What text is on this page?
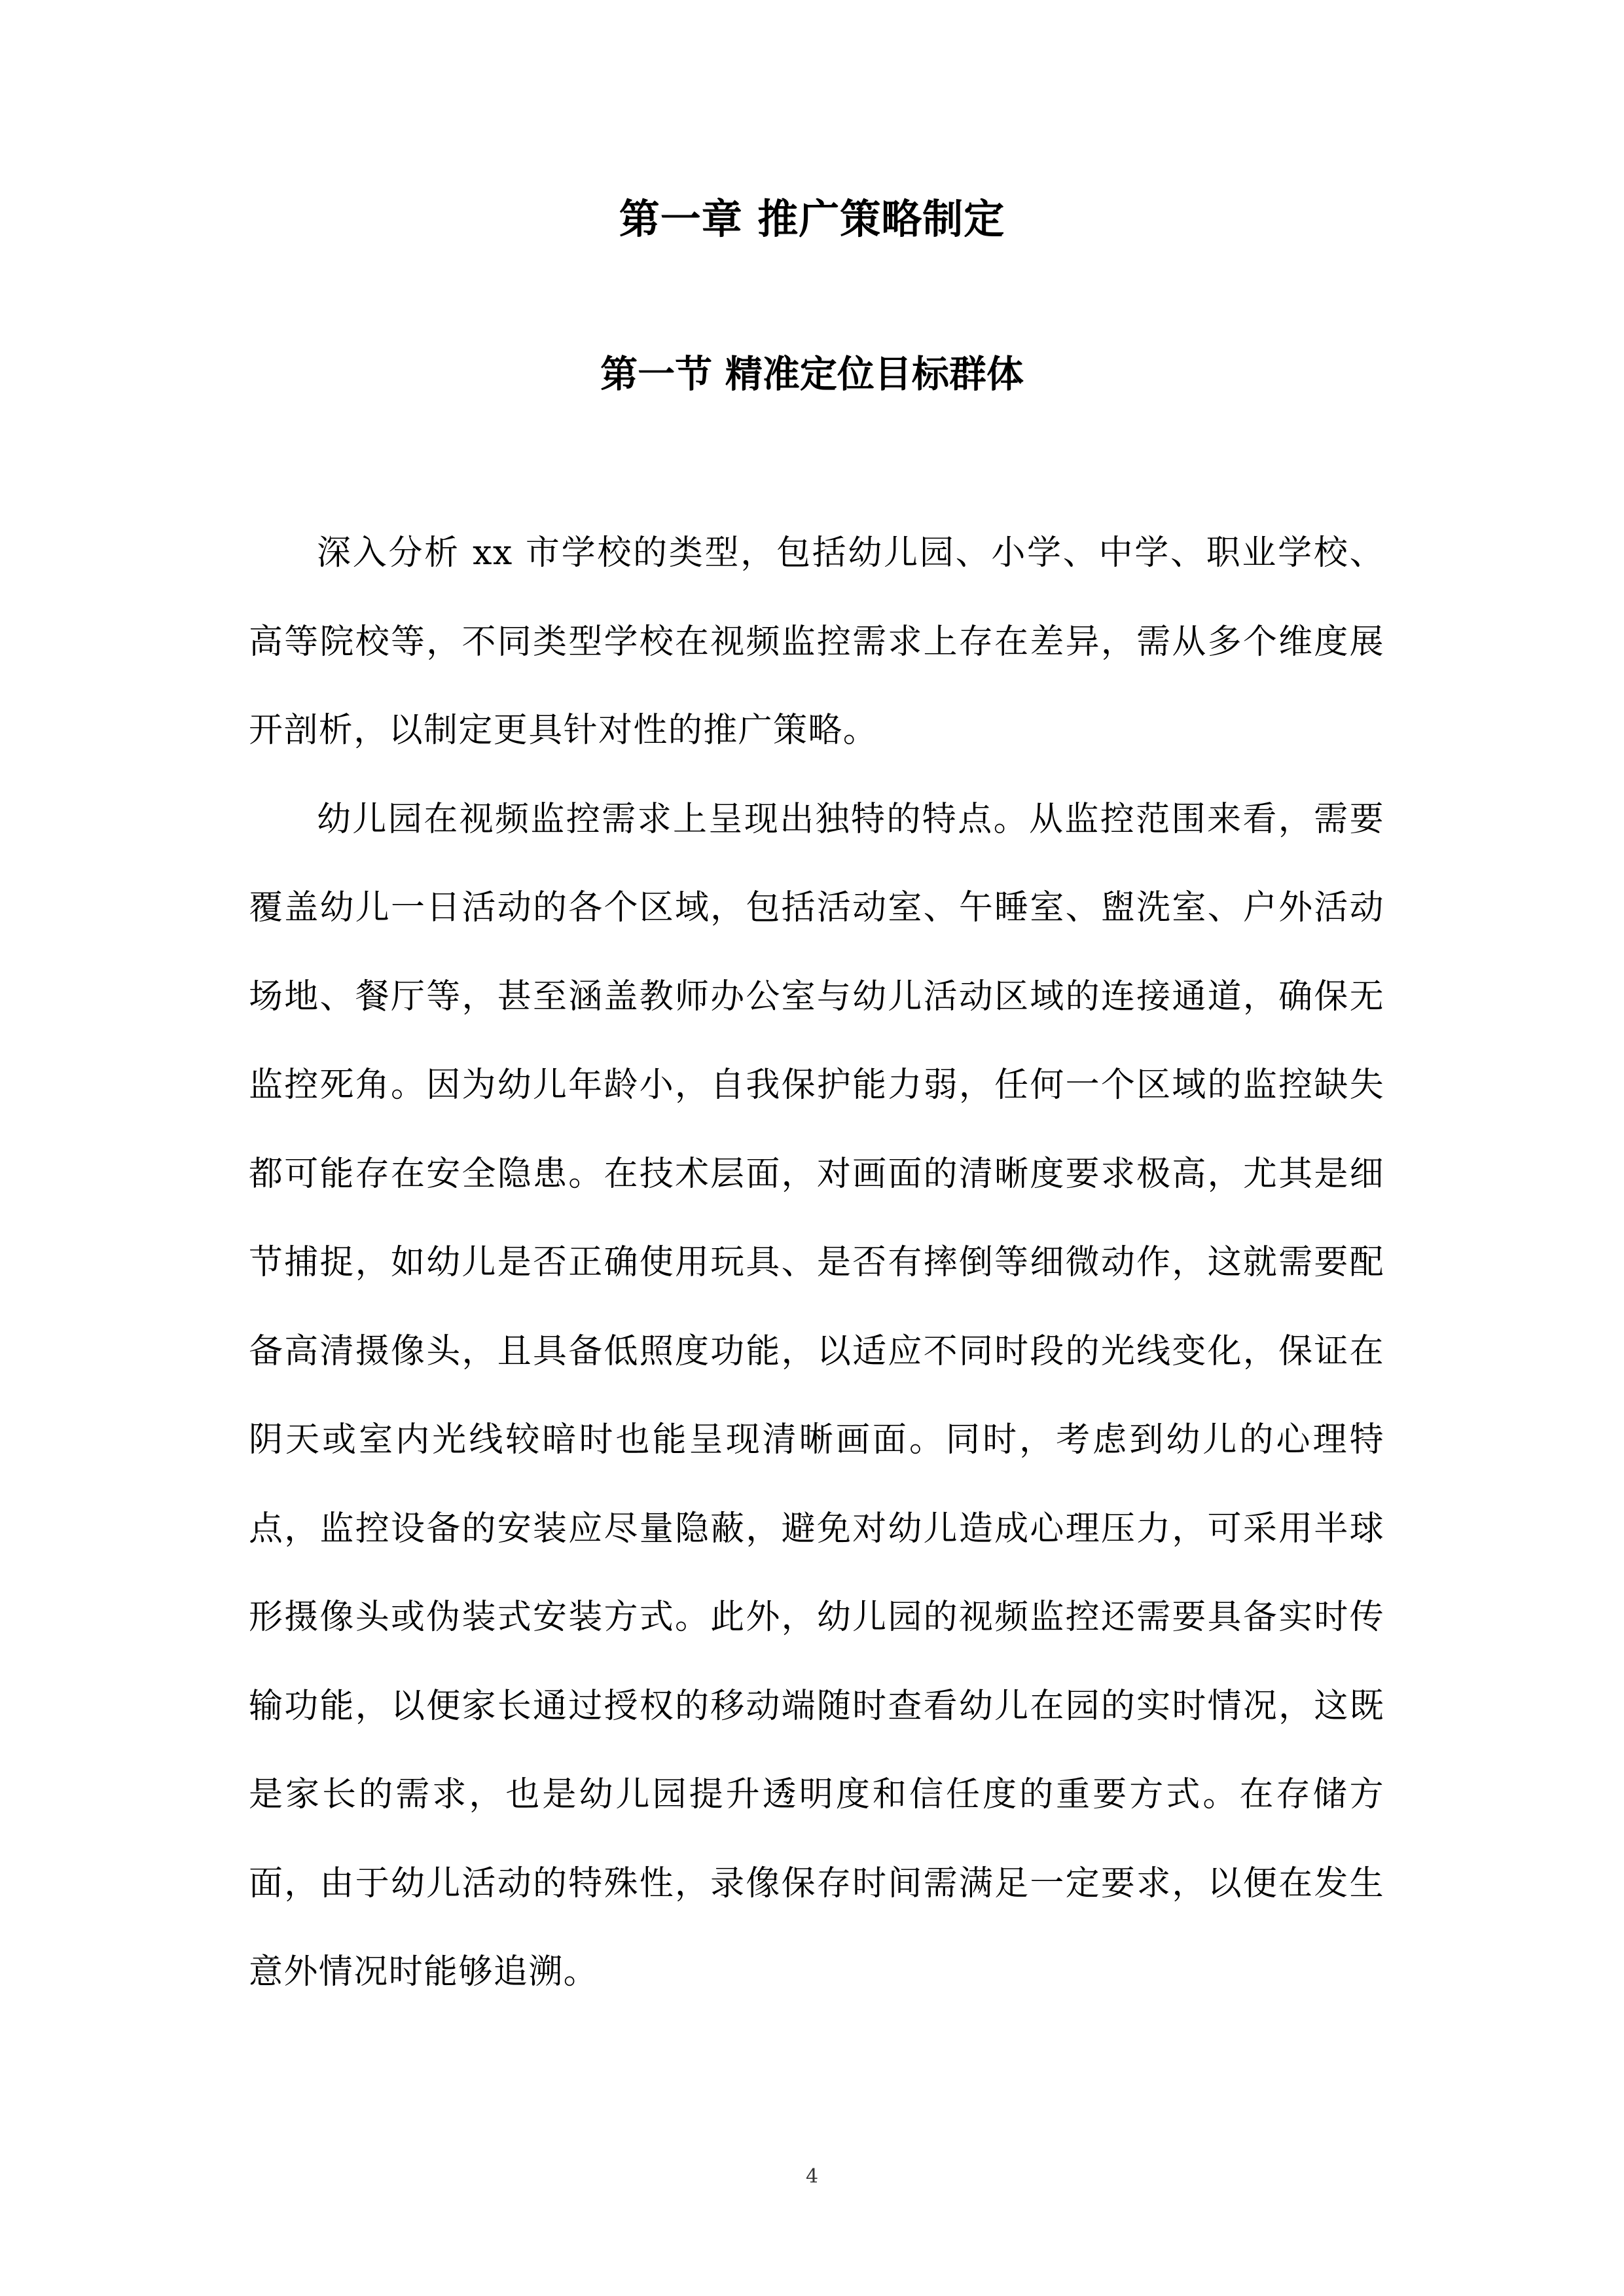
第一章 推广策略制定
第一节 精准定位目标群体

深入分析 xx 市学校的类型，包括幼儿园、小学、中学、职业学校、高等院校等，不同类型学校在视频监控需求上存在差异，需从多个维度展开剖析，以制定更具针对性的推广策略。

幼儿园在视频监控需求上呈现出独特的特点。从监控范围来看，需要覆盖幼儿一日活动的各个区域，包括活动室、午睡室、盥洗室、户外活动场地、餐厅等，甚至涵盖教师办公室与幼儿活动区域的连接通道，确保无监控死角。因为幼儿年龄小，自我保护能力弱，任何一个区域的监控缺失都可能存在安全隐患。在技术层面，对画面的清晰度要求极高，尤其是细节捕捉，如幼儿是否正确使用玩具、是否有摔倒等细微动作，这就需要配备高清摄像头，且具备低照度功能，以适应不同时段的光线变化，保证在阴天或室内光线较暗时也能呈现清晰画面。同时，考虑到幼儿的心理特点，监控设备的安装应尽量隐蔽，避免对幼儿造成心理压力，可采用半球形摄像头或伪装式安装方式。此外，幼儿园的视频监控还需要具备实时传输功能，以便家长通过授权的移动端随时查看幼儿在园的实时情况，这既是家长的需求，也是幼儿园提升透明度和信任度的重要方式。在存储方面，由于幼儿活动的特殊性，录像保存时间需满足一定要求，以便在发生意外情况时能够追溯。

4
